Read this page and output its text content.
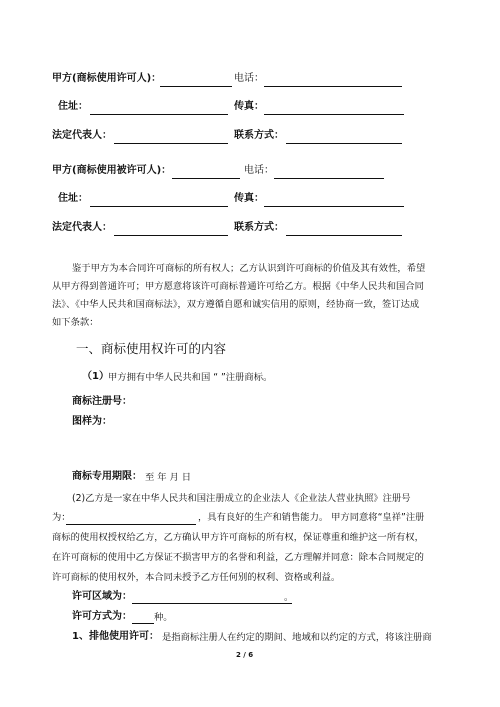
甲方(商标使用许可人)：	电话：
住址：	传真：
法定代表人：	联系方式：
甲方(商标使用被许可人)：	电话：
住址：	传真：
法定代表人：	联系方式：
鉴于甲方为本合同许可商标的所有权人；乙方认识到许可商标的价值及其有效性，希望
从甲方得到普通许可；甲方愿意将该许可商标普通许可给乙方。根据《中华人民共和国合同
法》、《中华人民共和国商标法》，双方遵循自愿和诚实信用的原则，经协商一致，签订达成
如下条款：
一、商标使用权许可的内容
（1） 甲方拥有中华人民共和国 “ ”注册商标。
商标注册号：
图样为：
商标专用期限： 至 年 月 日
(2)乙方是一家在中华人民共和国注册成立的企业法人《企业法人营业执照》注册号
为：	，具有良好的生产和销售能力。 甲方同意将“皇祥”注册
商标的使用权授权给乙方，乙方确认甲方许可商标的所有权，保证尊重和维护这一所有权，
在许可商标的使用中乙方保证不损害甲方的名誉和利益，乙方理解并同意：除本合同规定的
许可商标的使用权外，本合同未授予乙方任何别的权利、资格或利益。
许可区域为：	。
许可方式为： 种。
1、排他使用许可： 是指商标注册人在约定的期间、地域和以约定的方式，将该注册商
2 / 6
